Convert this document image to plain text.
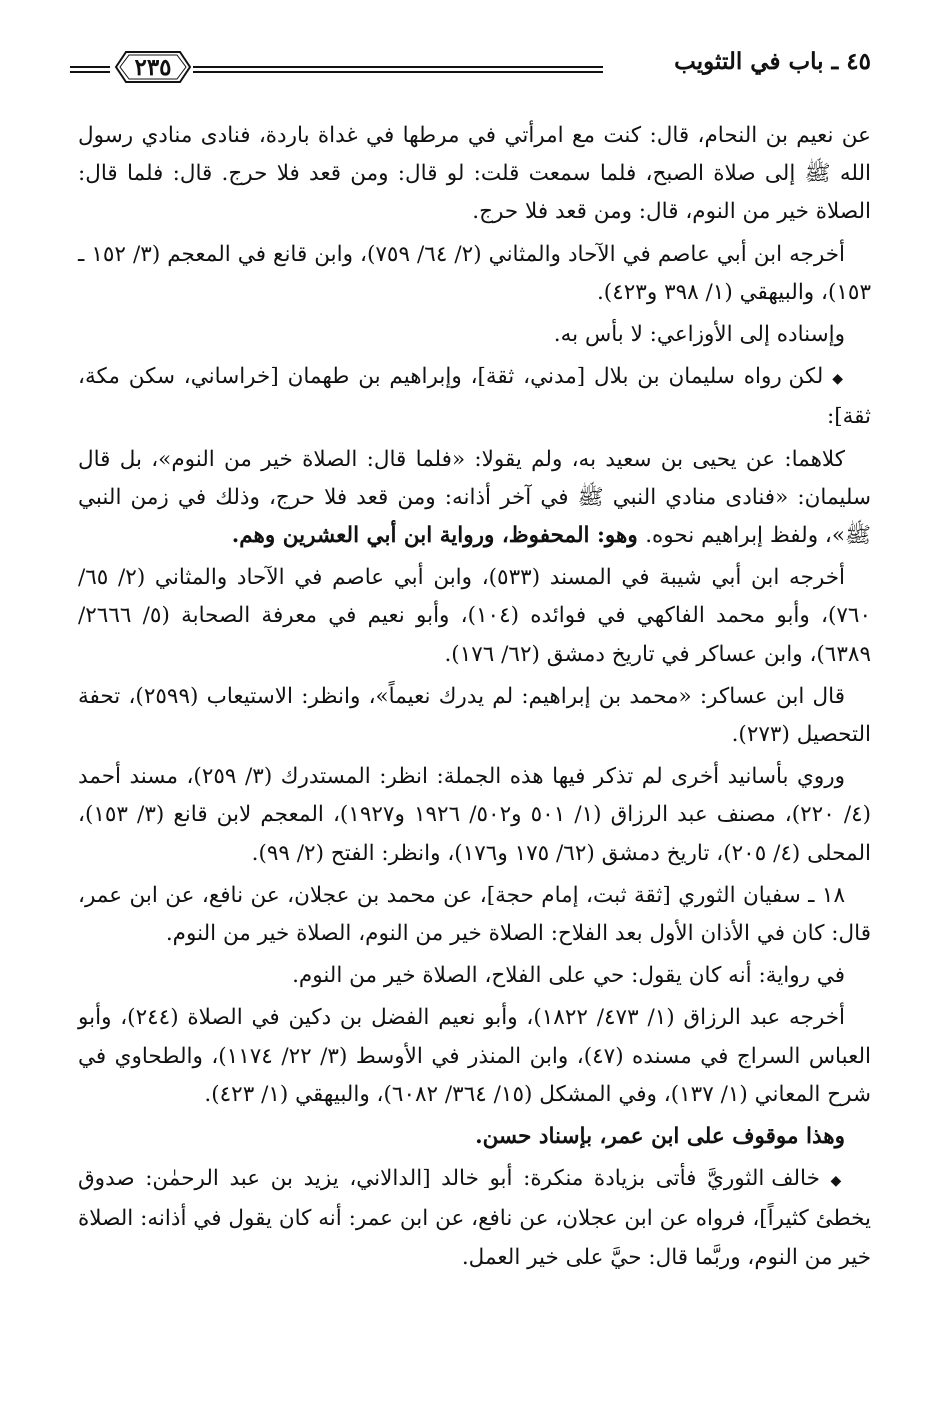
٤٥ ـ باب في التثويب
٢٣٥

عن نعيم بن النحام، قال: كنت مع امرأتي في مرطها في غداة باردة، فنادى منادي رسول الله ﷺ إلى صلاة الصبح، فلما سمعت قلت: لو قال: ومن قعد فلا حرج. قال: فلما قال: الصلاة خير من النوم، قال: ومن قعد فلا حرج.

أخرجه ابن أبي عاصم في الآحاد والمثاني (٢/ ٦٤/ ٧٥٩)، وابن قانع في المعجم (٣/ ١٥٢ ـ ١٥٣)، والبيهقي (١/ ٣٩٨ و٤٢٣).

وإسناده إلى الأوزاعي: لا بأس به.

◆ لكن رواه سليمان بن بلال [مدني، ثقة]، وإبراهيم بن طهمان [خراساني، سكن مكة، ثقة]:

كلاهما: عن يحيى بن سعيد به، ولم يقولا: «فلما قال: الصلاة خير من النوم»، بل قال سليمان: «فنادى منادي النبي ﷺ في آخر أذانه: ومن قعد فلا حرج، وذلك في زمن النبي ﷺ»، ولفظ إبراهيم نحوه. وهو: المحفوظ، ورواية ابن أبي العشرين وهم.

أخرجه ابن أبي شيبة في المسند (٥٣٣)، وابن أبي عاصم في الآحاد والمثاني (٢/ ٦٥/ ٧٦٠)، وأبو محمد الفاكهي في فوائده (١٠٤)، وأبو نعيم في معرفة الصحابة (٥/ ٢٦٦٦/ ٦٣٨٩)، وابن عساكر في تاريخ دمشق (٦٢/ ١٧٦).

قال ابن عساكر: «محمد بن إبراهيم: لم يدرك نعيماً»، وانظر: الاستيعاب (٢٥٩٩)، تحفة التحصيل (٢٧٣).

وروي بأسانيد أخرى لم تذكر فيها هذه الجملة: انظر: المستدرك (٣/ ٢٥٩)، مسند أحمد (٤/ ٢٢٠)، مصنف عبد الرزاق (١/ ٥٠١ و٥٠٢/ ١٩٢٦ و١٩٢٧)، المعجم لابن قانع (٣/ ١٥٣)، المحلى (٤/ ٢٠٥)، تاريخ دمشق (٦٢/ ١٧٥ و١٧٦)، وانظر: الفتح (٢/ ٩٩).

١٨ ـ سفيان الثوري [ثقة ثبت، إمام حجة]، عن محمد بن عجلان، عن نافع، عن ابن عمر، قال: كان في الأذان الأول بعد الفلاح: الصلاة خير من النوم، الصلاة خير من النوم.

في رواية: أنه كان يقول: حي على الفلاح، الصلاة خير من النوم.

أخرجه عبد الرزاق (١/ ٤٧٣/ ١٨٢٢)، وأبو نعيم الفضل بن دكين في الصلاة (٢٤٤)، وأبو العباس السراج في مسنده (٤٧)، وابن المنذر في الأوسط (٣/ ٢٢/ ١١٧٤)، والطحاوي في شرح المعاني (١/ ١٣٧)، وفي المشكل (١٥/ ٣٦٤/ ٦٠٨٢)، والبيهقي (١/ ٤٢٣).

وهذا موقوف على ابن عمر، بإسناد حسن.

◆ خالف الثوريَّ فأتى بزيادة منكرة: أبو خالد [الدالاني، يزيد بن عبد الرحمٰن: صدوق يخطئ كثيراً]، فرواه عن ابن عجلان، عن نافع، عن ابن عمر: أنه كان يقول في أذانه: الصلاة خير من النوم، وربَّما قال: حيَّ على خير العمل.
